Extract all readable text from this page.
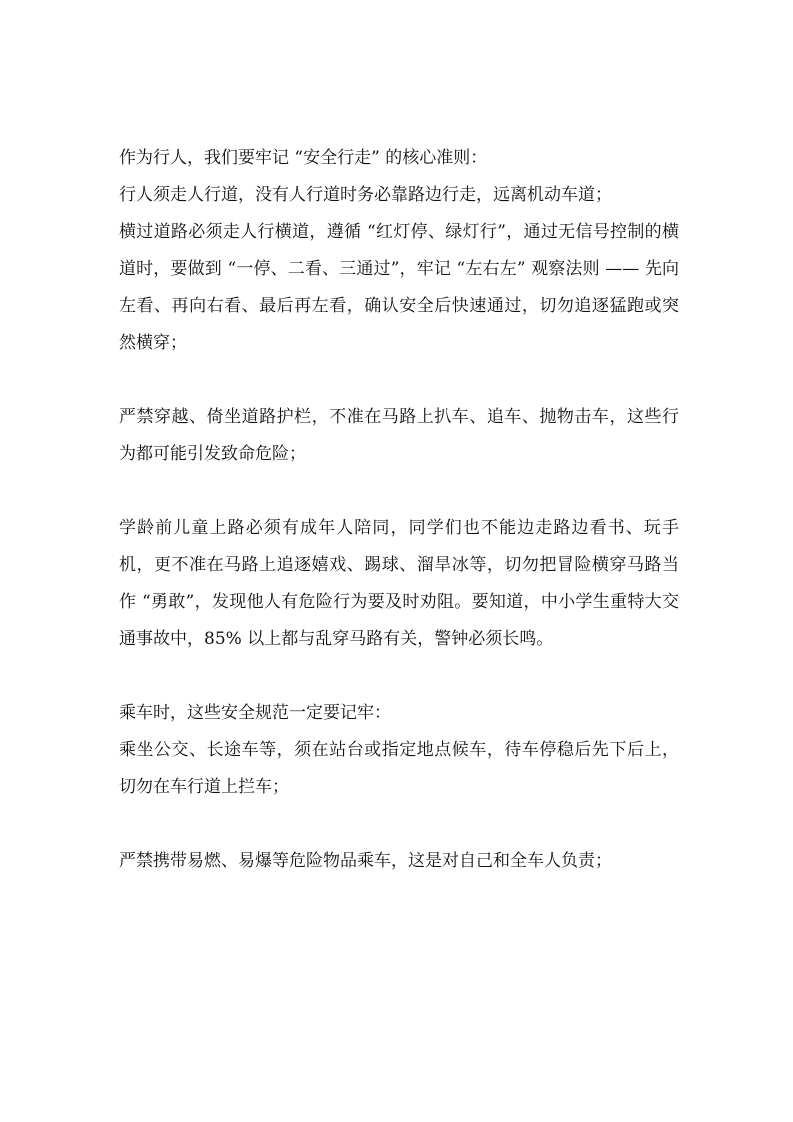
作为行人，我们要牢记 “安全行走” 的核心准则：

行人须走人行道，没有人行道时务必靠路边行走，远离机动车道；

横过道路必须走人行横道，遵循 “红灯停、绿灯行”，通过无信号控制的横道时，要做到 “一停、二看、三通过”，牢记 “左右左” 观察法则 —— 先向左看、再向右看、最后再左看，确认安全后快速通过，切勿追逐猛跑或突然横穿；

严禁穿越、倚坐道路护栏，不准在马路上扒车、追车、抛物击车，这些行为都可能引发致命危险；

学龄前儿童上路必须有成年人陪同，同学们也不能边走路边看书、玩手机，更不准在马路上追逐嬉戏、踢球、溜旱冰等，切勿把冒险横穿马路当作 “勇敢”，发现他人有危险行为要及时劝阻。要知道，中小学生重特大交通事故中，85% 以上都与乱穿马路有关，警钟必须长鸣。

乘车时，这些安全规范一定要记牢：

乘坐公交、长途车等，须在站台或指定地点候车，待车停稳后先下后上，切勿在车行道上拦车；

严禁携带易燃、易爆等危险物品乘车，这是对自己和全车人负责；
